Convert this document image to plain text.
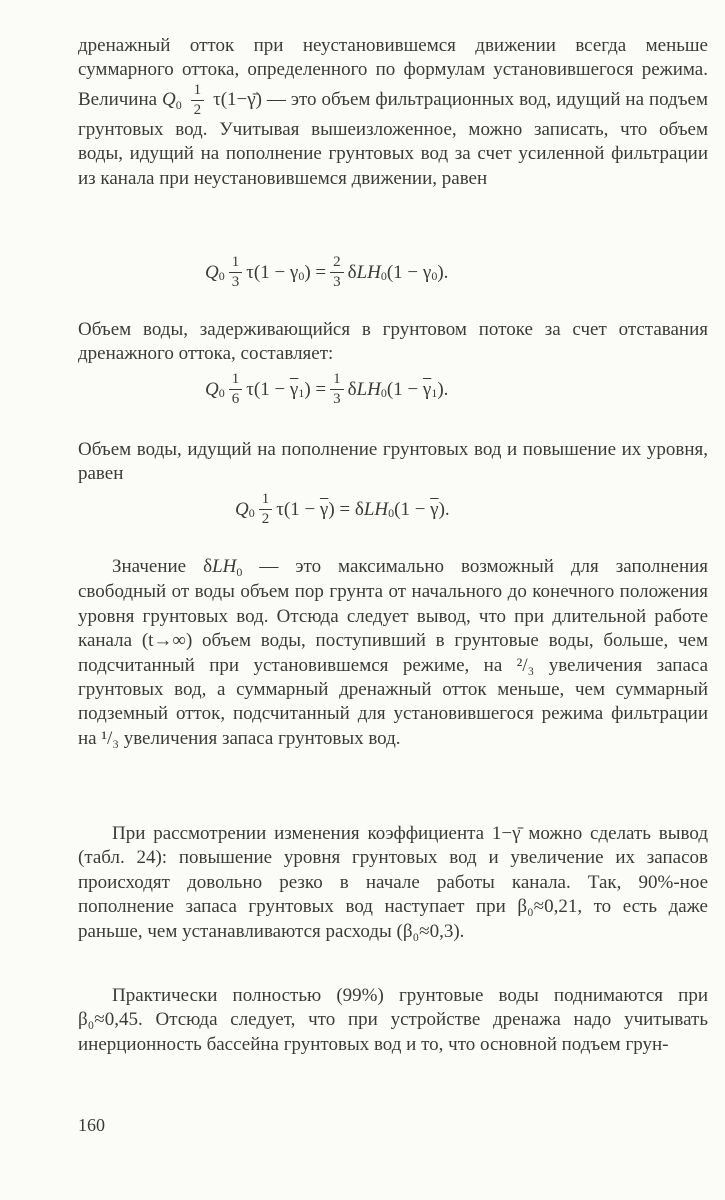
дренажный отток при неустановившемся движении всегда меньше суммарного оттока, определенного по формулам установившегося режима. Величина $Q_0 \frac{1}{2}$ τ(1−γ̄) — это объем фильтрационных вод, идущий на подъем грунтовых вод. Учитывая вышеизложенное, можно записать, что объем воды, идущий на пополнение грунтовых вод за счет усиленной фильтрации из канала при неустановившемся движении, равен

Q $0 \frac{1}{3} \tau(1 - \gamma$ 0 ) = $\frac{2}{3}$ δLH 0 (1 − γ 0 ).

Объем воды, задерживающийся в грунтовом потоке за счет отставания дренажного оттока, составляет:

Q $0 \frac{1}{6} \tau(1 - \overline{\gamma}$ 1 ) = $\frac{1}{3}$ δLH 0 ($1 - \overline{\gamma}$ 1 ).

Объем воды, идущий на пополнение грунтовых вод и повышение их уровня, равен

Q $0 \frac{1}{2} \tau(1 - \overline{\gamma}) = \delta LH$ 0 $(1 - \overline{\gamma})$.

Значение δLH$_0$ — это максимально возможный для заполнения свободный от воды объем пор грунта от начального до конечного положения уровня грунтовых вод. Отсюда следует вывод, что при длительной работе канала (t→∞) объем воды, поступивший в грунтовые воды, больше, чем подсчитанный при установившемся режиме, на ²/₃ увеличения запаса грунтовых вод, а суммарный дренажный отток меньше, чем суммарный подземный отток, подсчитанный для установившегося режима фильтрации на ¹/₃ увеличения запаса грунтовых вод.

При рассмотрении изменения коэффициента 1−γ̄ можно сделать вывод (табл. 24): повышение уровня грунтовых вод и увеличение их запасов происходят довольно резко в начале работы канала. Так, 90%-ное пополнение запаса грунтовых вод наступает при β₀≈0,21, то есть даже раньше, чем устанавливаются расходы (β₀≈0,3).

Практически полностью (99%) грунтовые воды поднимаются при β₀≈0,45. Отсюда следует, что при устройстве дренажа надо учитывать инерционность бассейна грунтовых вод и то, что основной подъем грун-

160
